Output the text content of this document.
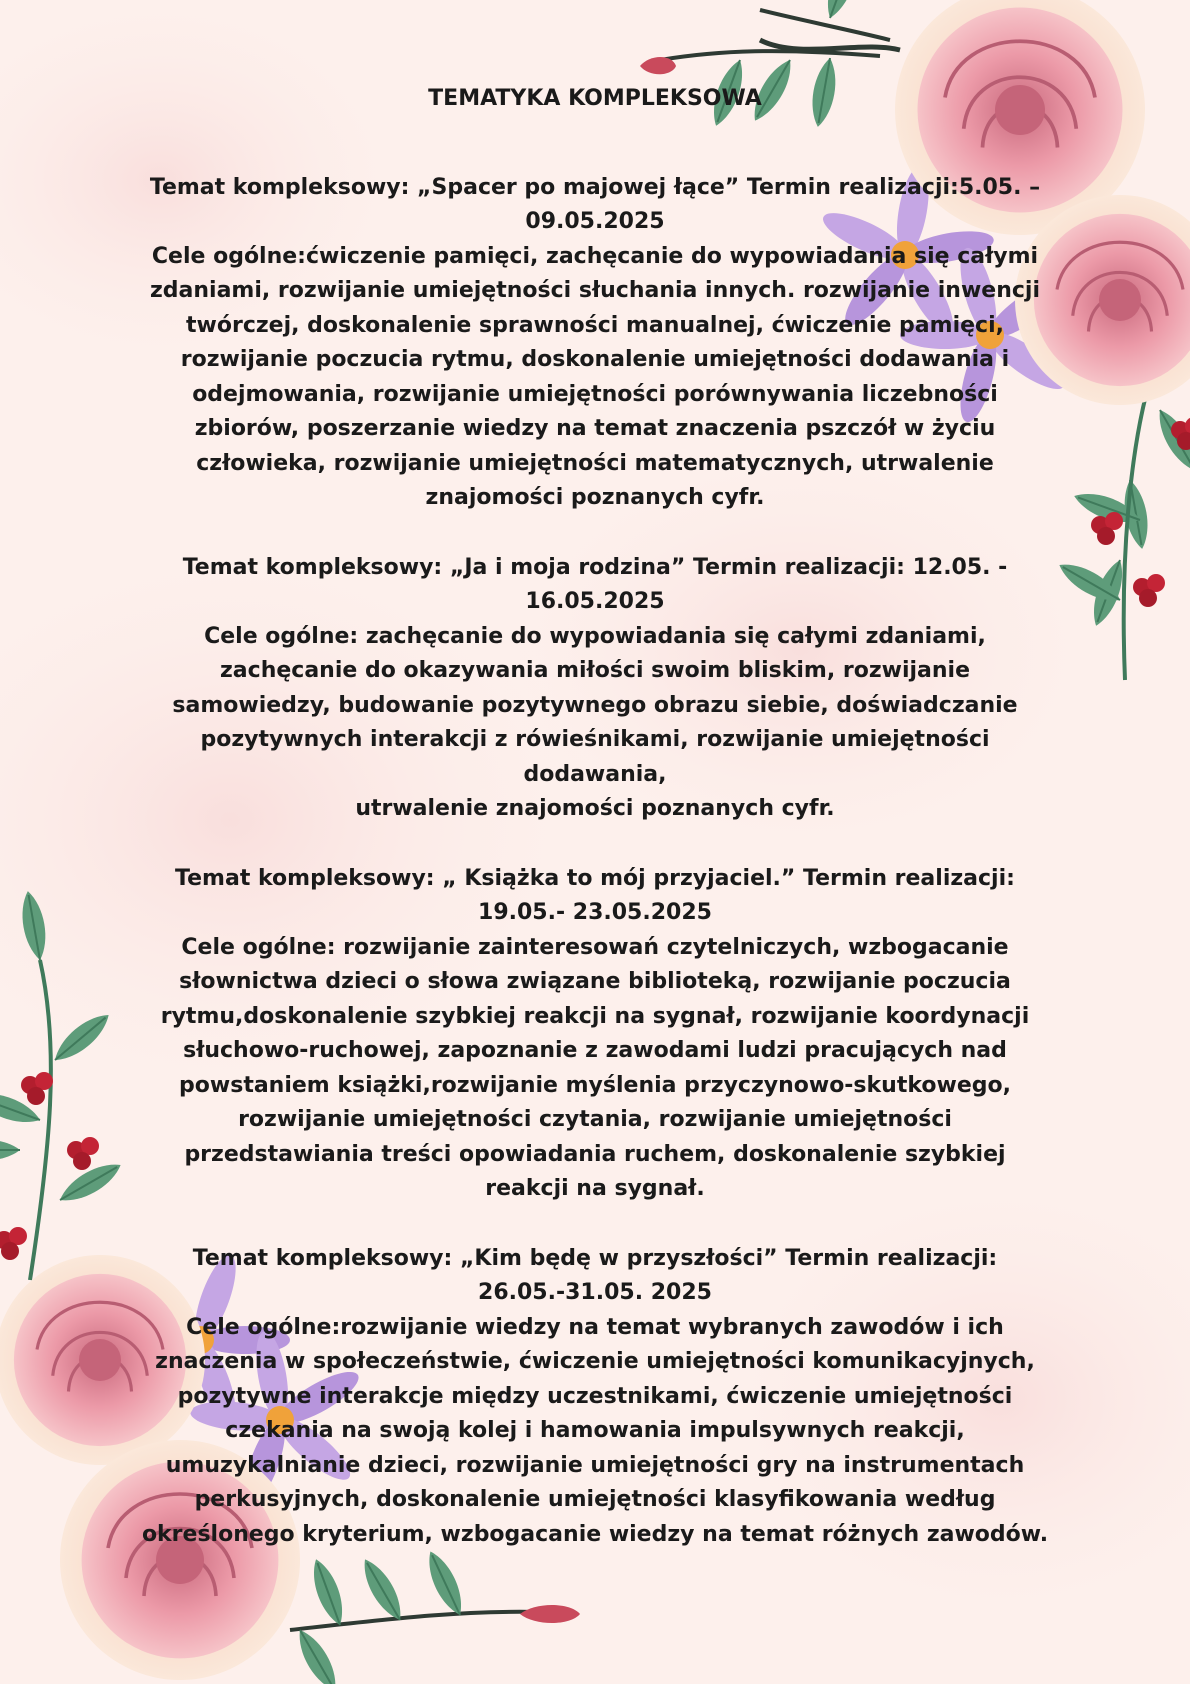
TEMATYKA KOMPLEKSOWA

Temat kompleksowy: „Spacer po majowej łące” Termin realizacji:5.05. – 09.05.2025

Cele ogólne:ćwiczenie pamięci, zachęcanie do wypowiadania się całymi zdaniami, rozwijanie umiejętności słuchania innych. rozwijanie inwencji twórczej, doskonalenie sprawności manualnej, ćwiczenie pamięci, rozwijanie poczucia rytmu, doskonalenie umiejętności dodawania i odejmowania, rozwijanie umiejętności porównywania liczebności zbiorów, poszerzanie wiedzy na temat znaczenia pszczół w życiu człowieka, rozwijanie umiejętności matematycznych, utrwalenie znajomości poznanych cyfr.

Temat kompleksowy: „Ja i moja rodzina” Termin realizacji: 12.05. - 16.05.2025

Cele ogólne: zachęcanie do wypowiadania się całymi zdaniami, zachęcanie do okazywania miłości swoim bliskim, rozwijanie samowiedzy, budowanie pozytywnego obrazu siebie, doświadczanie pozytywnych interakcji z rówieśnikami, rozwijanie umiejętności dodawania,

utrwalenie znajomości poznanych cyfr.

Temat kompleksowy: „ Książka to mój przyjaciel.” Termin realizacji: 19.05.- 23.05.2025

Cele ogólne: rozwijanie zainteresowań czytelniczych, wzbogacanie słownictwa dzieci o słowa związane biblioteką, rozwijanie poczucia rytmu,doskonalenie szybkiej reakcji na sygnał, rozwijanie koordynacji słuchowo-ruchowej, zapoznanie z zawodami ludzi pracujących nad powstaniem książki,rozwijanie myślenia przyczynowo-skutkowego, rozwijanie umiejętności czytania, rozwijanie umiejętności przedstawiania treści opowiadania ruchem, doskonalenie szybkiej reakcji na sygnał.

Temat kompleksowy: „Kim będę w przyszłości” Termin realizacji: 26.05.-31.05. 2025

Cele ogólne:rozwijanie wiedzy na temat wybranych zawodów i ich znaczenia w społeczeństwie, ćwiczenie umiejętności komunikacyjnych, pozytywne interakcje między uczestnikami, ćwiczenie umiejętności czekania na swoją kolej i hamowania impulsywnych reakcji, umuzykalnianie dzieci, rozwijanie umiejętności gry na instrumentach perkusyjnych, doskonalenie umiejętności klasyfikowania według określonego kryterium, wzbogacanie wiedzy na temat różnych zawodów.
